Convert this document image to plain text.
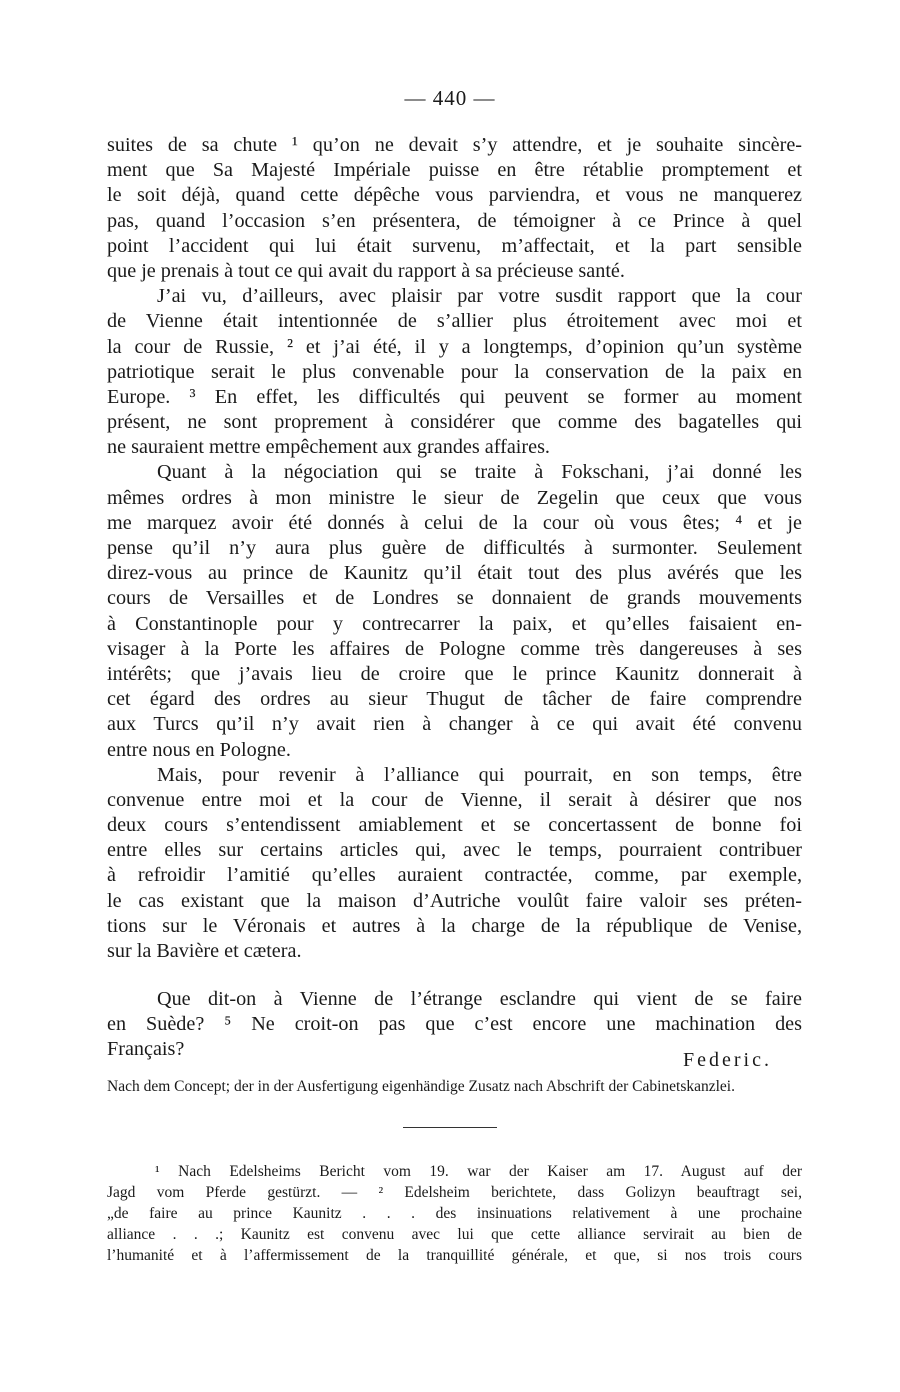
— 440 —
suites de sa chute ¹ qu’on ne devait s’y attendre, et je souhaite sincère-
ment que Sa Majesté Impériale puisse en être rétablie promptement et
le soit déjà, quand cette dépêche vous parviendra, et vous ne manquerez
pas, quand l’occasion s’en présentera, de témoigner à ce Prince à quel
point l’accident qui lui était survenu, m’affectait, et la part sensible
que je prenais à tout ce qui avait du rapport à sa précieuse santé.
J’ai vu, d’ailleurs, avec plaisir par votre susdit rapport que la cour
de Vienne était intentionnée de s’allier plus étroitement avec moi et
la cour de Russie, ² et j’ai été, il y a longtemps, d’opinion qu’un système
patriotique serait le plus convenable pour la conservation de la paix en
Europe. ³ En effet, les difficultés qui peuvent se former au moment
présent, ne sont proprement à considérer que comme des bagatelles qui
ne sauraient mettre empêchement aux grandes affaires.
Quant à la négociation qui se traite à Fokschani, j’ai donné les
mêmes ordres à mon ministre le sieur de Zegelin que ceux que vous
me marquez avoir été donnés à celui de la cour où vous êtes; ⁴ et je
pense qu’il n’y aura plus guère de difficultés à surmonter. Seulement
direz-vous au prince de Kaunitz qu’il était tout des plus avérés que les
cours de Versailles et de Londres se donnaient de grands mouvements
à Constantinople pour y contrecarrer la paix, et qu’elles faisaient en-
visager à la Porte les affaires de Pologne comme très dangereuses à ses
intérêts; que j’avais lieu de croire que le prince Kaunitz donnerait à
cet égard des ordres au sieur Thugut de tâcher de faire comprendre
aux Turcs qu’il n’y avait rien à changer à ce qui avait été convenu
entre nous en Pologne.
Mais, pour revenir à l’alliance qui pourrait, en son temps, être
convenue entre moi et la cour de Vienne, il serait à désirer que nos
deux cours s’entendissent amiablement et se concertassent de bonne foi
entre elles sur certains articles qui, avec le temps, pourraient contribuer
à refroidir l’amitié qu’elles auraient contractée, comme, par exemple,
le cas existant que la maison d’Autriche voulût faire valoir ses préten-
tions sur le Véronais et autres à la charge de la république de Venise,
sur la Bavière et cætera.
Que dit-on à Vienne de l’étrange esclandre qui vient de se faire
en Suède? ⁵ Ne croit-on pas que c’est encore une machination des
Français?	Federic.
Nach dem Concept; der in der Ausfertigung eigenhändige Zusatz nach Abschrift der Cabinetskanzlei.
¹ Nach Edelsheims Bericht vom 19. war der Kaiser am 17. August auf der
Jagd vom Pferde gestürzt. — ² Edelsheim berichtete, dass Golizyn beauftragt sei,
„de faire au prince Kaunitz . . . des insinuations relativement à une prochaine
alliance . . .; Kaunitz est convenu avec lui que cette alliance servirait au bien de
l’humanité et à l’affermissement de la tranquillité générale, et que, si nos trois cours
